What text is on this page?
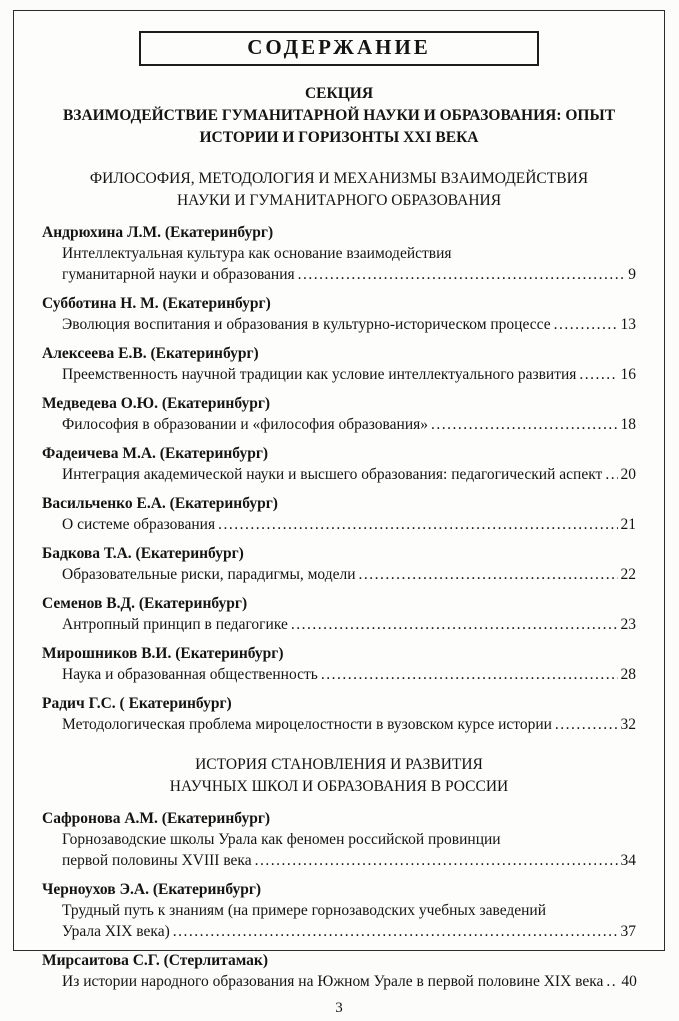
СОДЕРЖАНИЕ
СЕКЦИЯ
ВЗАИМОДЕЙСТВИЕ ГУМАНИТАРНОЙ НАУКИ И ОБРАЗОВАНИЯ: ОПЫТ
ИСТОРИИ И ГОРИЗОНТЫ XXI ВЕКА
ФИЛОСОФИЯ, МЕТОДОЛОГИЯ И МЕХАНИЗМЫ ВЗАИМОДЕЙСТВИЯ
НАУКИ И ГУМАНИТАРНОГО ОБРАЗОВАНИЯ
Андрюхина Л.М. (Екатеринбург)
Интеллектуальная культура как основание взаимодействия
гуманитарной науки и образования .....	9
Субботина Н. М. (Екатеринбург)
Эволюция воспитания и образования в культурно-историческом процессе .....	13
Алексеева Е.В. (Екатеринбург)
Преемственность научной традиции как условие интеллектуального развития .....	16
Медведева О.Ю. (Екатеринбург)
Философия в образовании и «философия образования» .....	18
Фадеичева М.А. (Екатеринбург)
Интеграция академической науки и высшего образования: педагогический аспект ..... 20
Васильченко Е.А. (Екатеринбург)
О системе образования .....	21
Бадкова Т.А. (Екатеринбург)
Образовательные риски, парадигмы, модели .....	22
Семенов В.Д. (Екатеринбург)
Антропный принцип в педагогике .....	23
Мирошников В.И. (Екатеринбург)
Наука и образованная общественность .....	28
Радич Г.С. ( Екатеринбург)
Методологическая проблема мироцелостности в вузовском курсе истории .....	32
ИСТОРИЯ СТАНОВЛЕНИЯ И РАЗВИТИЯ
НАУЧНЫХ ШКОЛ И ОБРАЗОВАНИЯ В РОССИИ
Сафронова А.М. (Екатеринбург)
Горнозаводские школы Урала как феномен российской провинции
первой половины XVIII века .....	34
Черноухов Э.А. (Екатеринбург)
Трудный путь к знаниям (на примере горнозаводских учебных заведений
Урала XIX века) .....	37
Мирсаитова С.Г. (Стерлитамак)
Из истории народного образования на Южном Урале в первой половине XIX века ..... 40
3
